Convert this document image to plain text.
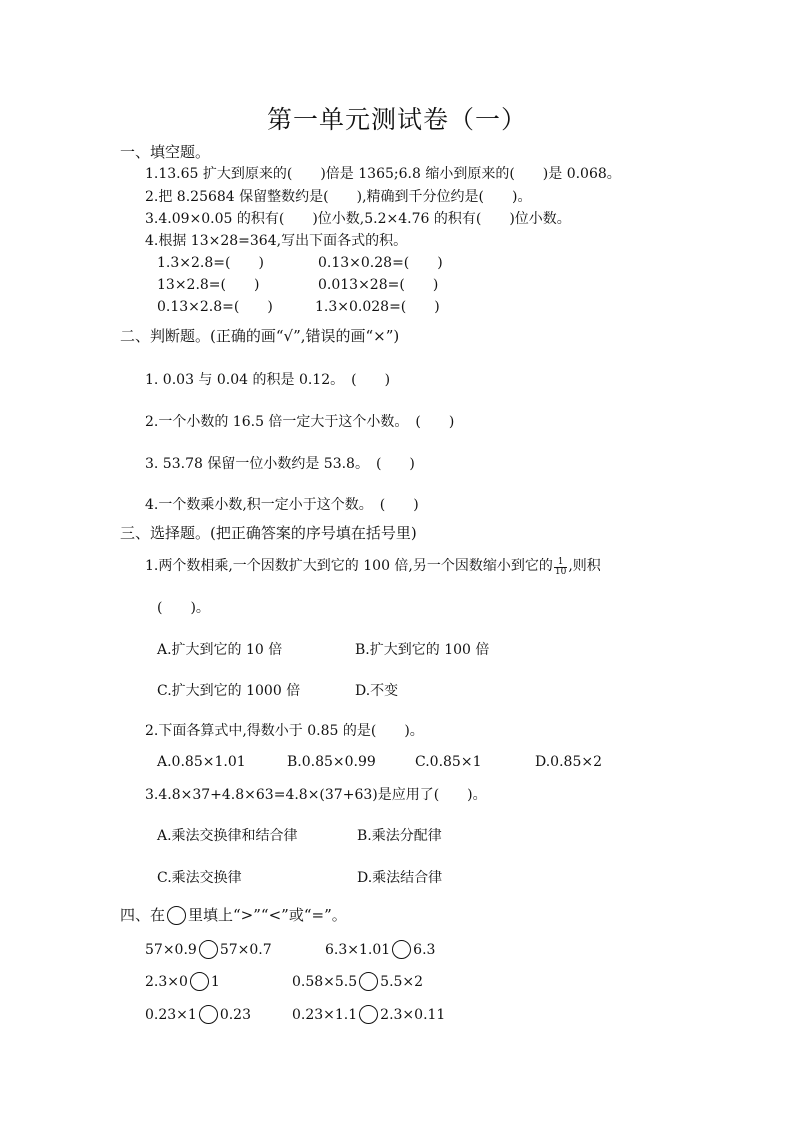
第一单元测试卷（一）
一、填空题。
1.13.65 扩大到原来的(　　)倍是 1365;6.8 缩小到原来的(　　)是 0.068。
2.把 8.25684 保留整数约是(　　),精确到千分位约是(　　)。
3.4.09×0.05 的积有(　　)位小数,5.2×4.76 的积有(　　)位小数。
4.根据 13×28=364,写出下面各式的积。
1.3×2.8=(　　)	0.13×0.28=(　　)
13×2.8=(　　)	0.013×28=(　　)
0.13×2.8=(　　)	1.3×0.028=(　　)
二、判断题。(正确的画“√”,错误的画“×”)
1. 0.03 与 0.04 的积是 0.12。　(　　)
2.一个小数的 16.5 倍一定大于这个小数。　(　　)
3. 53.78 保留一位小数约是 53.8。　(　　)
4.一个数乘小数,积一定小于这个数。　(　　)
三、选择题。(把正确答案的序号填在括号里)
1.两个数相乘,一个因数扩大到它的 100 倍,另一个因数缩小到它的 $\frac{1}{10}$ ,则积
(　　)。
A.扩大到它的 10 倍	B.扩大到它的 100 倍
C.扩大到它的 1000 倍	D.不变
2.下面各算式中,得数小于 0.85 的是(　　)。
A.0.85×1.01	B.0.85×0.99	C.0.85×1	D.0.85×2
3.4.8×37+4.8×63=4.8×(37+63)是应用了(　　)。
A.乘法交换律和结合律	B.乘法分配律
C.乘法交换律	D.乘法结合律
四、在 里填上“>”“<”或“=”。
57×0.9 57×0.7	6.3×1.01 6.3
2.3×0 1	0.58×5.5 5.5×2
0.23×1 0.23	0.23×1.1 2.3×0.11
